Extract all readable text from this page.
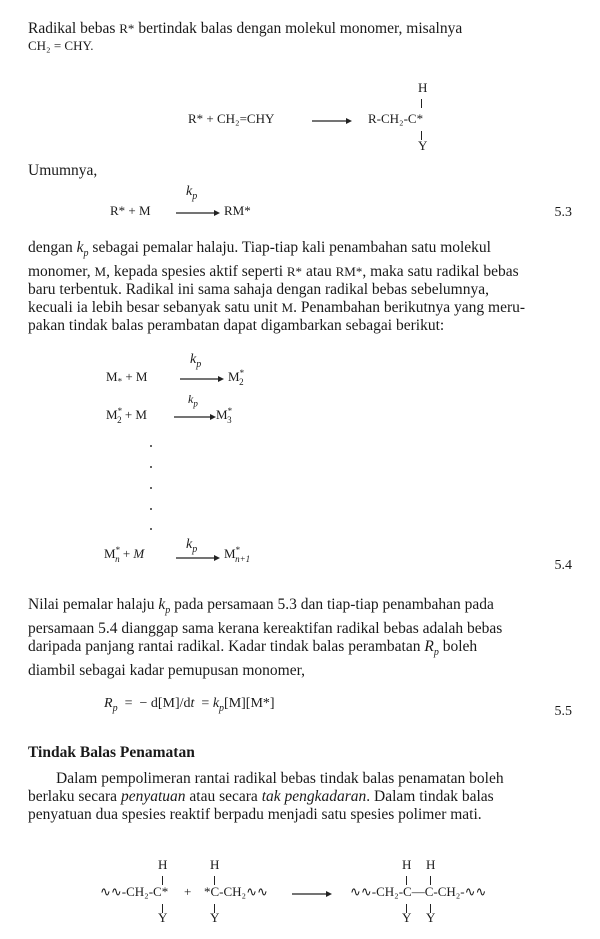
Radikal bebas R* bertindak balas dengan molekul monomer, misalnya
CH₂ = CHY.
R* + CH₂=CHY	R-CH₂-C*
H
Y
Umumnya,
R* + M
$k_p$
RM*	5.3
dengan $k_p$ sebagai pemalar halaju. Tiap-tiap kali penambahan satu molekul
monomer, M, kepada spesies aktif seperti R* atau RM*, maka satu radikal bebas
baru terbentuk. Radikal ini sama sahaja dengan radikal bebas sebelumnya,
kecuali ia lebih besar sebanyak satu unit M. Penambahan berikutnya yang meru-
pakan tindak balas perambatan dapat digambarkan sebagai berikut:
$M_* + M$
$k_p$
$M^*_2$
$M^*_2 + M$
$k_p$
$M^*_3$
$M^*_n + M$
$k_p$ $M^*_{n+1}$	5.4
Nilai pemalar halaju $k_p$ pada persamaan 5.3 dan tiap-tiap penambahan pada
persamaan 5.4 dianggap sama kerana kereaktifan radikal bebas adalah bebas
daripada panjang rantai radikal. Kadar tindak balas perambatan $R_p$ boleh
diambil sebagai kadar pemupusan monomer,
$R_p$  =  − $d[M]/dt = k_p[M][M*]$
5.5
Tindak Balas Penamatan
Dalam pempolimeran rantai radikal bebas tindak balas penamatan boleh
berlaku secara penyatuan atau secara tak pengkadaran. Dalam tindak balas
penyatuan dua spesies reaktif berpadu menjadi satu spesies polimer mati.
H	H
∿∿-CH₂-C* + *C-CH₂∿∿
Y	Y
H H
∿∿-CH₂-C—C-CH₂-∿∿
Y Y
